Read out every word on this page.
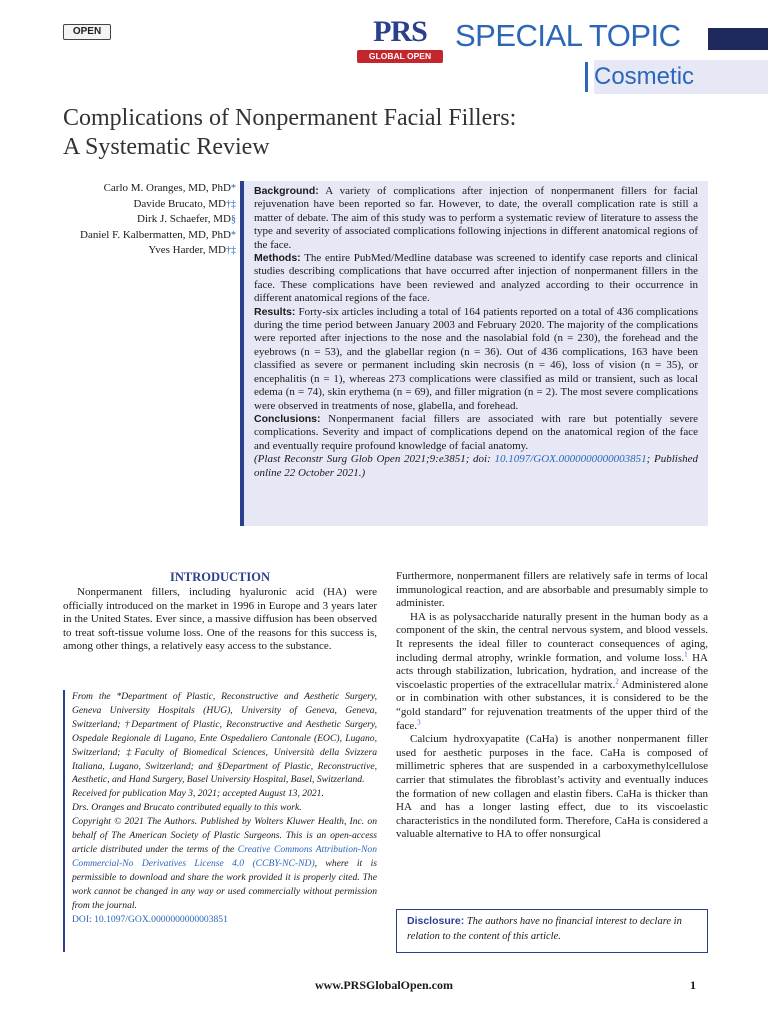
OPEN	PRS
GLOBAL OPEN
SPECIAL TOPIC
Cosmetic
Complications of Nonpermanent Facial Fillers:
A Systematic Review
Carlo M. Oranges, MD, PhD*
Davide Brucato, MD†‡
Dirk J. Schaefer, MD§
Daniel F. Kalbermatten, MD, PhD*
Yves Harder, MD†‡

Background: A variety of complications after injection of nonpermanent fillers for facial rejuvenation have been reported so far. However, to date, the overall complication rate is still a matter of debate. The aim of this study was to perform a systematic review of literature to assess the type and severity of associated complications following injections in different anatomical regions of the face.

Methods: The entire PubMed/Medline database was screened to identify case reports and clinical studies describing complications that have occurred after injection of nonpermanent fillers in the face. These complications have been reviewed and analyzed according to their occurrence in different anatomical regions of the face.

Results: Forty-six articles including a total of 164 patients reported on a total of 436 complications during the time period between January 2003 and February 2020. The majority of the complications were reported after injections to the nose and the nasolabial fold (n = 230), the forehead and the eyebrows (n = 53), and the glabellar region (n = 36). Out of 436 complications, 163 have been classified as severe or permanent including skin necrosis (n = 46), loss of vision (n = 35), or encephalitis (n = 1), whereas 273 complications were classified as mild or transient, such as local edema (n = 74), skin erythema (n = 69), and filler migration (n = 2). The most severe complications were observed in treatments of nose, glabella, and forehead.

Conclusions: Nonpermanent facial fillers are associated with rare but potentially severe complications. Severity and impact of complications depend on the anatomical region of the face and eventually require profound knowledge of facial anatomy.

(Plast Reconstr Surg Glob Open 2021;9:e3851; doi: 10.1097/GOX.0000000000003851; Published online 22 October 2021.)

INTRODUCTION

Nonpermanent fillers, including hyaluronic acid (HA) were officially introduced on the market in 1996 in Europe and 3 years later in the United States. Ever since, a massive diffusion has been observed to treat soft-tissue volume loss. One of the reasons for this success is, among other things, a relatively easy access to the substance.

From the *Department of Plastic, Reconstructive and Aesthetic Surgery, Geneva University Hospitals (HUG), University of Geneva, Geneva, Switzerland; †Department of Plastic, Reconstructive and Aesthetic Surgery, Ospedale Regionale di Lugano, Ente Ospedaliero Cantonale (EOC), Lugano, Switzerland; ‡Faculty of Biomedical Sciences, Università della Svizzera Italiana, Lugano, Switzerland; and §Department of Plastic, Reconstructive, Aesthetic, and Hand Surgery, Basel University Hospital, Basel, Switzerland.

Received for publication May 3, 2021; accepted August 13, 2021.

Drs. Oranges and Brucato contributed equally to this work.

Copyright © 2021 The Authors. Published by Wolters Kluwer Health, Inc. on behalf of The American Society of Plastic Surgeons. This is an open-access article distributed under the terms of the Creative Commons Attribution-Non Commercial-No Derivatives License 4.0 (CCBY-NC-ND), where it is permissible to download and share the work provided it is properly cited. The work cannot be changed in any way or used commercially without permission from the journal.

DOI: 10.1097/GOX.0000000000003851

Furthermore, nonpermanent fillers are relatively safe in terms of local immunological reaction, and are absorbable and presumably simple to administer.

HA is as polysaccharide naturally present in the human body as a component of the skin, the central nervous system, and blood vessels. It represents the ideal filler to counteract consequences of aging, including dermal atrophy, wrinkle formation, and volume loss.$^1$ HA acts through stabilization, lubrication, hydration, and increase of the viscoelastic properties of the extracellular matrix.$^2$ Administered alone or in combination with other substances, it is considered to be the “gold standard” for rejuvenation treatments of the upper third of the face.$^3$

Calcium hydroxyapatite (CaHa) is another nonpermanent filler used for aesthetic purposes in the face. CaHa is composed of millimetric spheres that are suspended in a carboxymethylcellulose carrier that stimulates the fibroblast’s activity and eventually induces the formation of new collagen and elastin fibers. CaHa is thicker than HA and has a longer lasting effect, due to its viscoelastic characteristics in the nondiluted form. Therefore, CaHa is considered a valuable alternative to HA to offer nonsurgical

Disclosure: The authors have no financial interest to declare in relation to the content of this article.
www.PRSGlobalOpen.com	1
